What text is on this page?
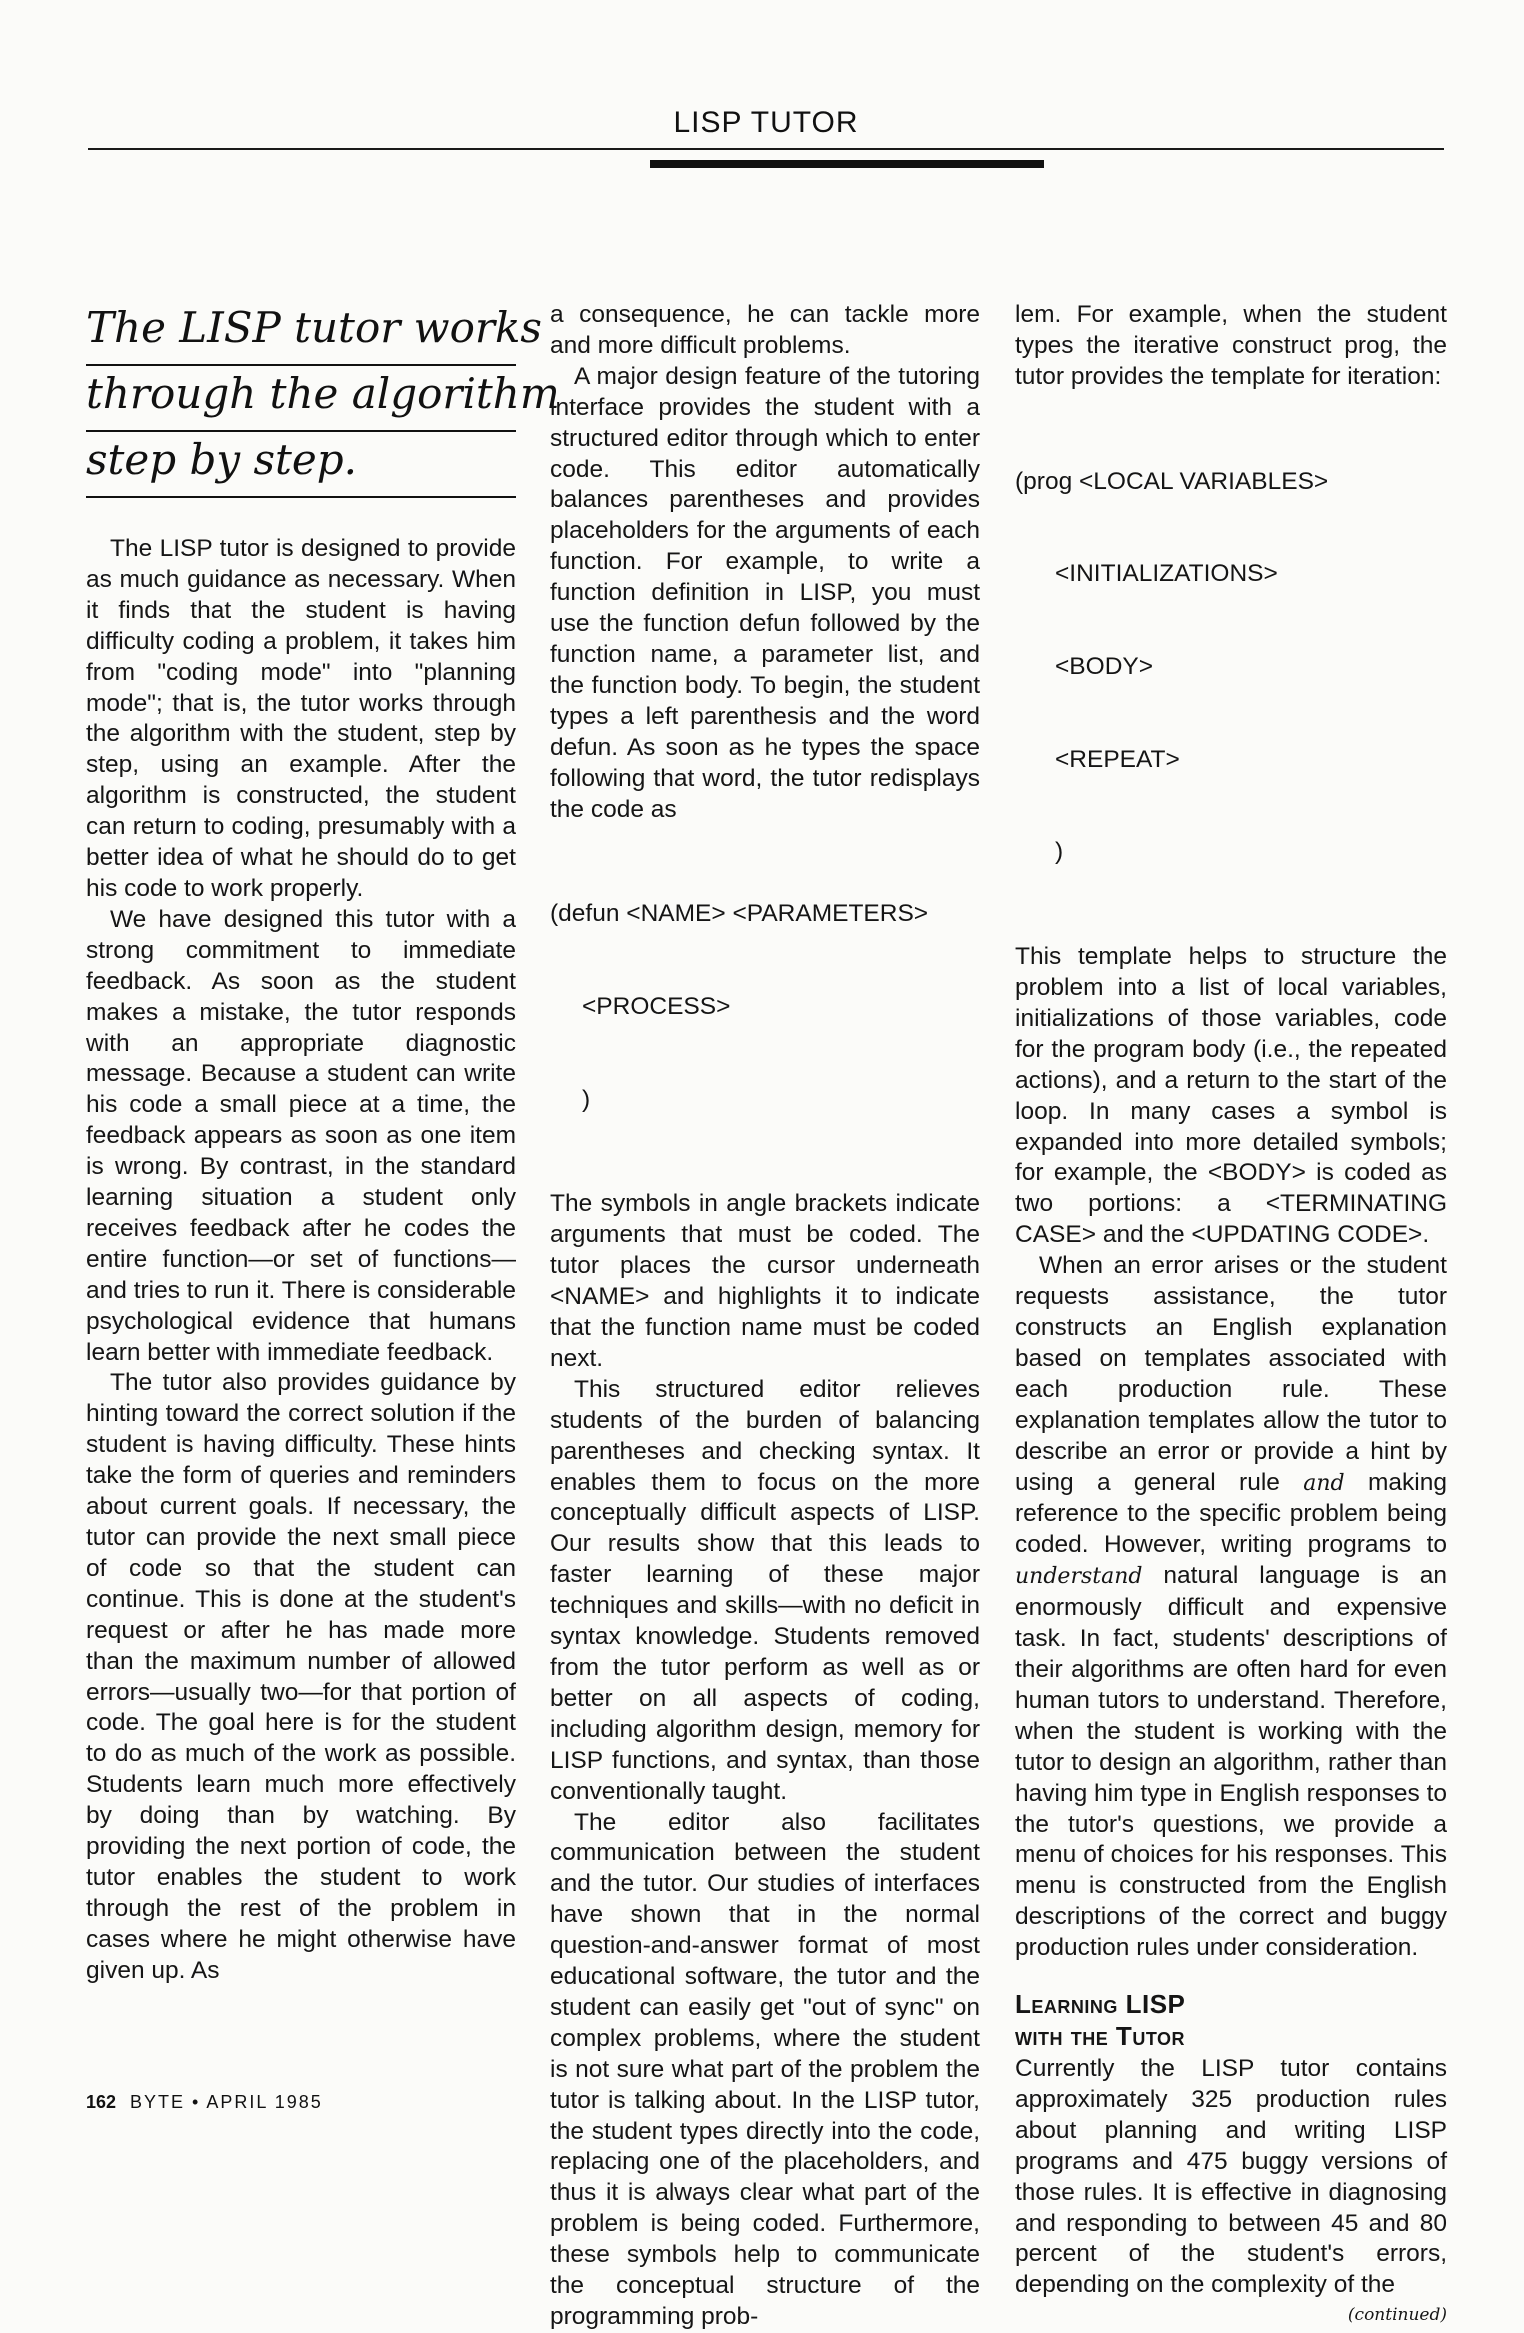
LISP TUTOR
The LISP tutor works
through the algorithm
step by step.

The LISP tutor is designed to provide as much guidance as necessary. When it finds that the student is having difficulty coding a problem, it takes him from "coding mode" into "planning mode"; that is, the tutor works through the algorithm with the student, step by step, using an example. After the algorithm is constructed, the student can return to coding, presumably with a better idea of what he should do to get his code to work properly.

We have designed this tutor with a strong commitment to immediate feedback. As soon as the student makes a mistake, the tutor responds with an appropriate diagnostic message. Because a student can write his code a small piece at a time, the feedback appears as soon as one item is wrong. By contrast, in the standard learning situation a student only receives feedback after he codes the entire function—or set of functions—and tries to run it. There is considerable psychological evidence that humans learn better with immediate feedback.

The tutor also provides guidance by hinting toward the correct solution if the student is having difficulty. These hints take the form of queries and reminders about current goals. If necessary, the tutor can provide the next small piece of code so that the student can continue. This is done at the student's request or after he has made more than the maximum number of allowed errors—usually two—for that portion of code. The goal here is for the student to do as much of the work as possible. Students learn much more effectively by doing than by watching. By providing the next portion of code, the tutor enables the student to work through the rest of the problem in cases where he might otherwise have given up. As

a consequence, he can tackle more and more difficult problems.

A major design feature of the tutoring interface provides the student with a structured editor through which to enter code. This editor automatically balances parentheses and provides placeholders for the arguments of each function. For example, to write a function definition in LISP, you must use the function defun followed by the function name, a parameter list, and the function body. To begin, the student types a left parenthesis and the word defun. As soon as he types the space following that word, the tutor redisplays the code as

(defun <NAME> <PARAMETERS>

<PROCESS>

)

The symbols in angle brackets indicate arguments that must be coded. The tutor places the cursor underneath <NAME> and highlights it to indicate that the function name must be coded next.

This structured editor relieves students of the burden of balancing parentheses and checking syntax. It enables them to focus on the more conceptually difficult aspects of LISP. Our results show that this leads to faster learning of these major techniques and skills—with no deficit in syntax knowledge. Students removed from the tutor perform as well as or better on all aspects of coding, including algorithm design, memory for LISP functions, and syntax, than those conventionally taught.

The editor also facilitates communication between the student and the tutor. Our studies of interfaces have shown that in the normal question-and-answer format of most educational software, the tutor and the student can easily get "out of sync" on complex problems, where the student is not sure what part of the problem the tutor is talking about. In the LISP tutor, the student types directly into the code, replacing one of the placeholders, and thus it is always clear what part of the problem is being coded. Furthermore, these symbols help to communicate the conceptual structure of the programming prob-

lem. For example, when the student types the iterative construct prog, the tutor provides the template for iteration:

(prog <LOCAL VARIABLES>

<INITIALIZATIONS>

<BODY>

<REPEAT>

)

This template helps to structure the problem into a list of local variables, initializations of those variables, code for the program body (i.e., the repeated actions), and a return to the start of the loop. In many cases a symbol is expanded into more detailed symbols; for example, the <BODY> is coded as two portions: a <TERMINATING CASE> and the <UPDATING CODE>.

When an error arises or the student requests assistance, the tutor constructs an English explanation based on templates associated with each production rule. These explanation templates allow the tutor to describe an error or provide a hint by using a general rule and making reference to the specific problem being coded. However, writing programs to understand natural language is an enormously difficult and expensive task. In fact, students' descriptions of their algorithms are often hard for even human tutors to understand. Therefore, when the student is working with the tutor to design an algorithm, rather than having him type in English responses to the tutor's questions, we provide a menu of choices for his responses. This menu is constructed from the English descriptions of the correct and buggy production rules under consideration.

Learning LISP
with the Tutor

Currently the LISP tutor contains approximately 325 production rules about planning and writing LISP programs and 475 buggy versions of those rules. It is effective in diagnosing and responding to between 45 and 80 percent of the student's errors, depending on the complexity of the

(continued)
162 BYTE • APRIL 1985
